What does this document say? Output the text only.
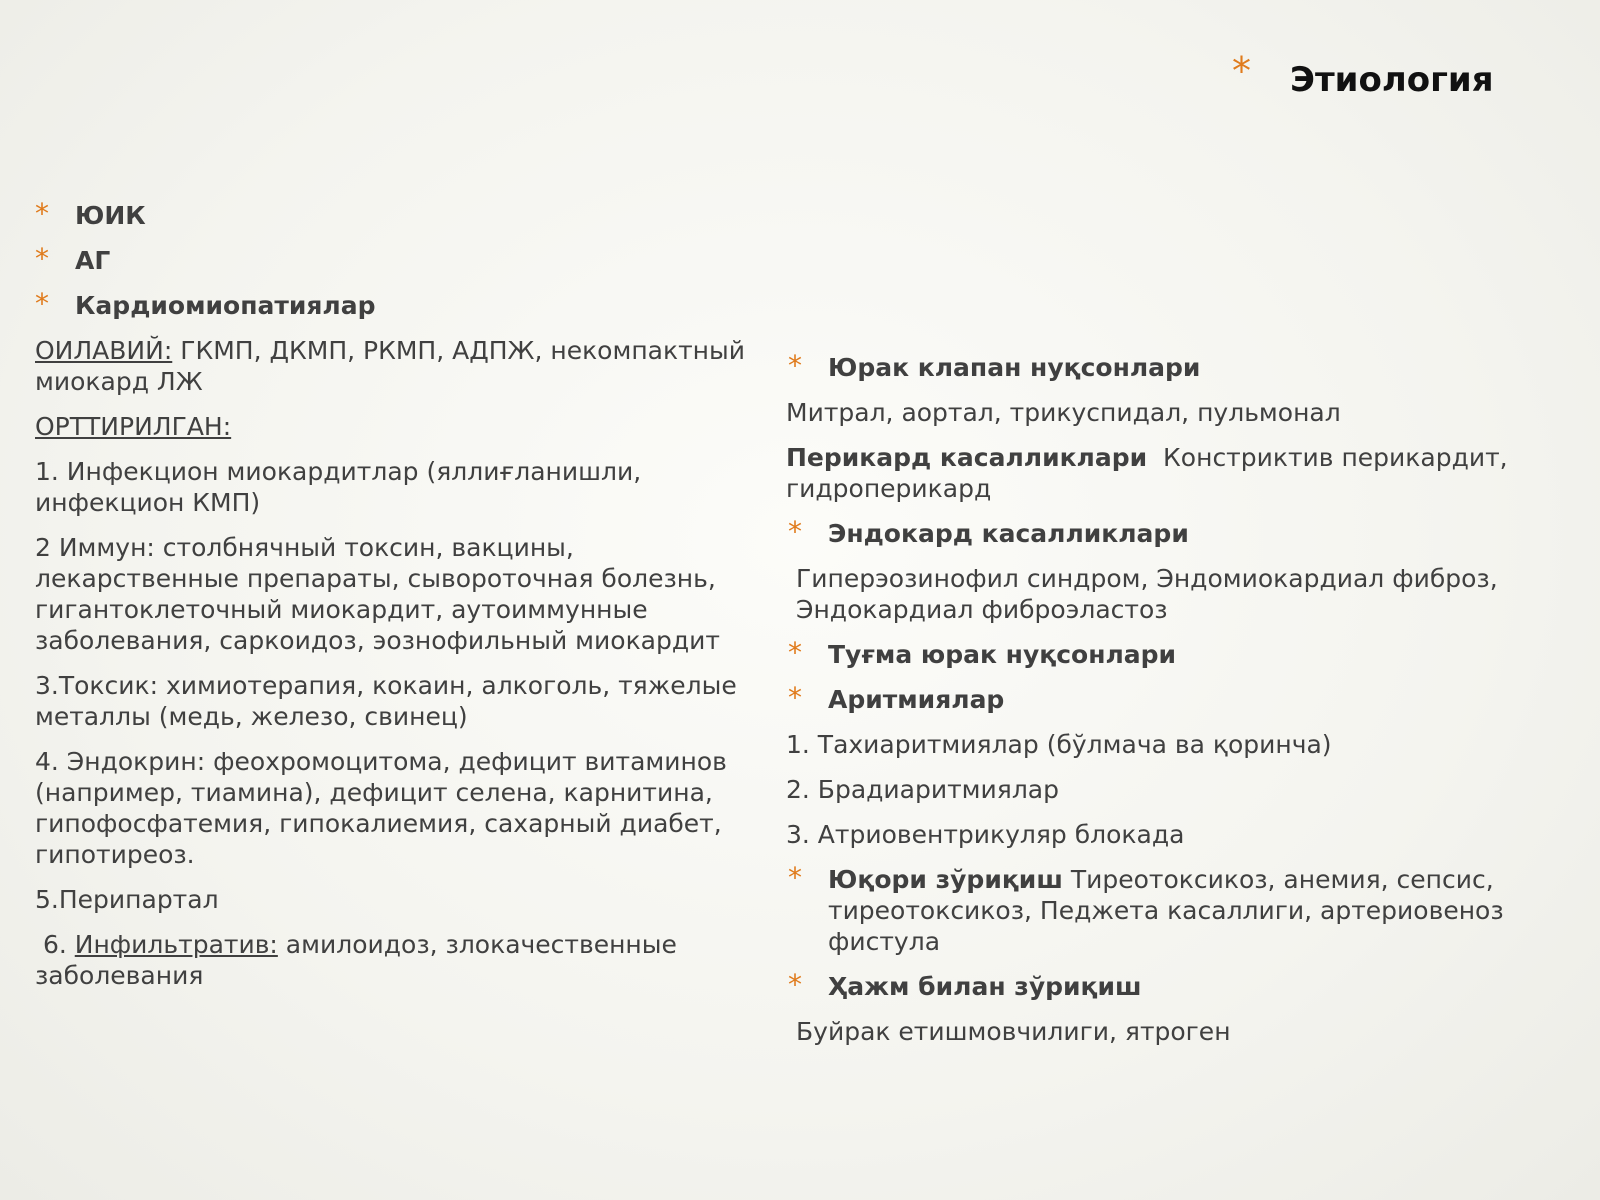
*	Этиология
*	ЮИК
*	АГ
*	Кардиомиопатиялар
ОИЛАВИЙ: ГКМП, ДКМП, РКМП, АДПЖ, некомпактный миокард ЛЖ
ОРТТИРИЛГАН:
1. Инфекцион миокардитлар (яллиғланишли, инфекцион КМП)
2 Иммун: столбнячный токсин, вакцины, лекарственные препараты, сывороточная болезнь, гигантоклеточный миокардит, аутоиммунные заболевания, саркоидоз, эознофильный миокардит
3.Токсик: химиотерапия, кокаин, алкоголь, тяжелые металлы (медь, железо, свинец)
4. Эндокрин: феохромоцитома, дефицит витаминов (например, тиамина), дефицит селена, карнитина, гипофосфатемия, гипокалиемия, сахарный диабет, гипотиреоз.
5.Перипартал
6. Инфильтратив: амилоидоз, злокачественные заболевания
*	Юрак клапан нуқсонлари
Митрал, аортал, трикуспидал, пульмонал
Перикард касалликлари  Констриктив перикардит, гидроперикард
*	Эндокард касалликлари
Гиперэозинофил синдром, Эндомиокардиал фиброз, Эндокардиал фиброэластоз
*	Туғма юрак нуқсонлари
*	Аритмиялар
1. Тахиаритмиялар (бўлмача ва қоринча)
2. Брадиаритмиялар
3. Атриовентрикуляр блокада
*	Юқори зўриқиш Тиреотоксикоз, анемия, сепсис, тиреотоксикоз, Педжета касаллиги, артериовеноз фистула
*	Ҳажм билан зўриқиш
Буйрак етишмовчилиги, ятроген
